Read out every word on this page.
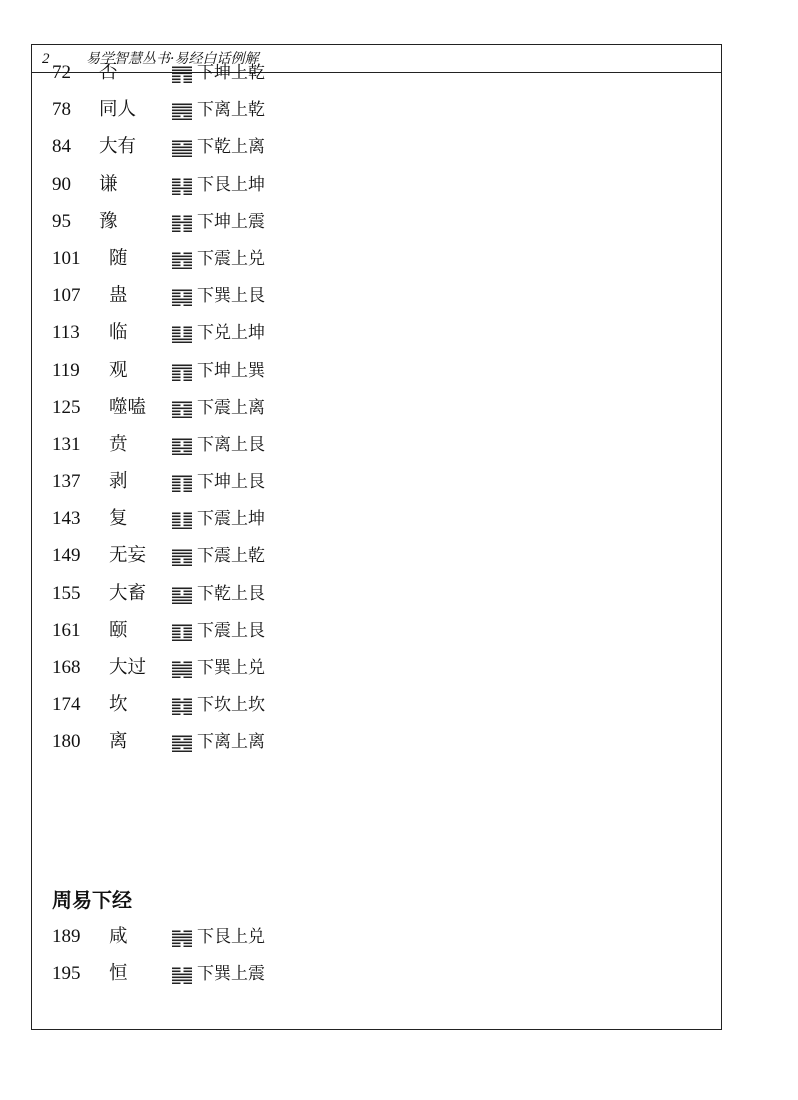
2	易学智慧丛书·易经白话例解
72 否	下坤上乾
78 同人	下离上乾
84 大有	下乾上离
90 谦	下艮上坤
95 豫	下坤上震
101 随	下震上兑
107 蛊	下巽上艮
113 临	下兑上坤
119 观	下坤上巽
125 噬嗑	下震上离
131 贲	下离上艮
137 剥	下坤上艮
143 复	下震上坤
149 无妄	下震上乾
155 大畜	下乾上艮
161 颐	下震上艮
168 大过	下巽上兑
174 坎	下坎上坎
180 离	下离上离
周易下经
189 咸	下艮上兑
195 恒	下巽上震
